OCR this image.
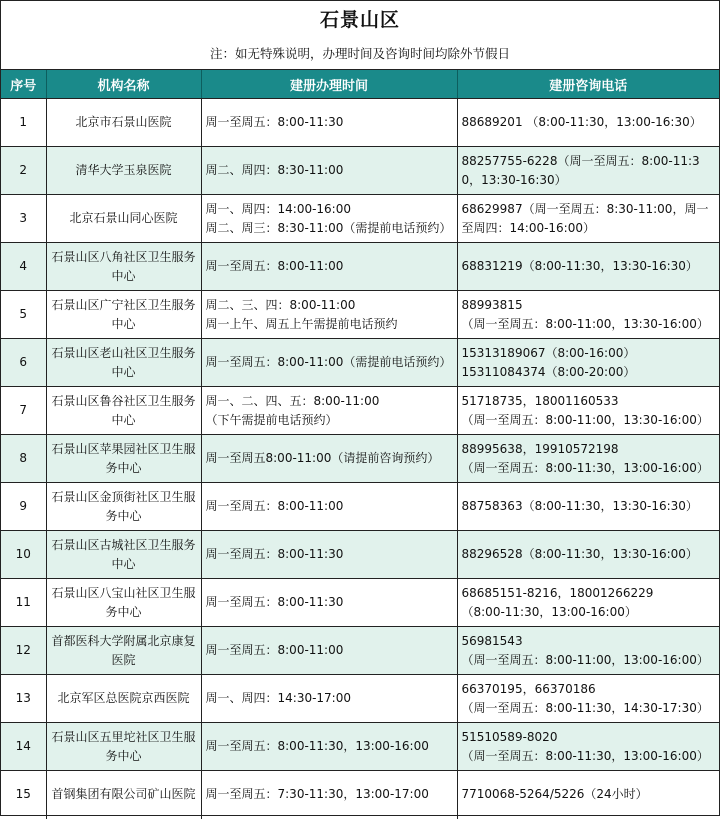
石景山区
注：如无特殊说明，办理时间及咨询时间均除外节假日
序号	机构名称	建册办理时间	建册咨询电话
1	北京市石景山医院	周一至周五：8:00-11:30	88689201 （8:00-11:30，13:00-16:30）
2	清华大学玉泉医院	周二、周四：8:30-11:00	88257755-6228（周一至周五：8:00-11:30，13:30-16:30）
3	北京石景山同心医院	周一、周四：14:00-16:00
周二、周三：8:30-11:00（需提前电话预约）	68629987（周一至周五：8:30-11:00，周一至周四：14:00-16:00）
4	石景山区八角社区卫生服务中心	周一至周五：8:00-11:00	68831219（8:00-11:30，13:30-16:30）
5	石景山区广宁社区卫生服务中心	周二、三、四：8:00-11:00
周一上午、周五上午需提前电话预约	88993815
（周一至周五：8:00-11:00，13:30-16:00）
6	石景山区老山社区卫生服务中心	周一至周五：8:00-11:00（需提前电话预约）	15313189067（8:00-16:00）
15311084374（8:00-20:00）
7	石景山区鲁谷社区卫生服务中心	周一、二、四、五：8:00-11:00
（下午需提前电话预约）	51718735，18001160533
（周一至周五：8:00-11:00，13:30-16:00）
8	石景山区苹果园社区卫生服务中心	周一至周五8:00-11:00（请提前咨询预约）	88995638，19910572198
（周一至周五：8:00-11:30，13:00-16:00）
9	石景山区金顶街社区卫生服务中心	周一至周五：8:00-11:00	88758363（8:00-11:30，13:30-16:30）
10	石景山区古城社区卫生服务中心	周一至周五：8:00-11:30	88296528（8:00-11:30，13:30-16:00）
11	石景山区八宝山社区卫生服务中心	周一至周五：8:00-11:30	68685151-8216，18001266229
（8:00-11:30，13:00-16:00）
12	首都医科大学附属北京康复医院	周一至周五：8:00-11:00	56981543
（周一至周五：8:00-11:00，13:00-16:00）
13	北京军区总医院京西医院	周一、周四：14:30-17:00	66370195，66370186
（周一至周五：8:00-11:30，14:30-17:30）
14	石景山区五里坨社区卫生服务中心	周一至周五：8:00-11:30，13:00-16:00	51510589-8020
（周一至周五：8:00-11:30，13:00-16:00）
15	首钢集团有限公司矿山医院	周一至周五：7:30-11:30，13:00-17:00	7710068-5264/5226（24小时）
